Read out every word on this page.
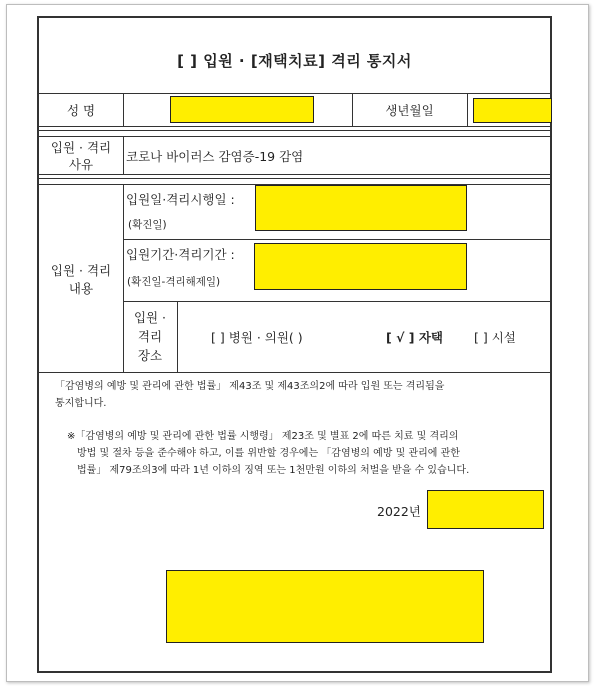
[ ] 입원 · [재택치료] 격리 통지서
성 명	생년월일
입원 · 격리
사유
코로나 바이러스 감염증-19 감염
입원 · 격리
내용
입원일·격리시행일 :
(확진일)
입원기간·격리기간 :
(확진일-격리해제일)
입원 ·
격리
장소
[ ] 병원 · 의원( )	[ √ ] 자택 [ ] 시설
「감염병의 예방 및 관리에 관한 법률」 제43조 및 제43조의2에 따라 입원 또는 격리됨을
통지합니다.
※「감염병의 예방 및 관리에 관한 법률 시행령」 제23조 및 별표 2에 따른 치료 및 격리의
방법 및 절차 등을 준수해야 하고, 이를 위반할 경우에는 「감염병의 예방 및 관리에 관한
법률」 제79조의3에 따라 1년 이하의 징역 또는 1천만원 이하의 처벌을 받을 수 있습니다.
2022년
